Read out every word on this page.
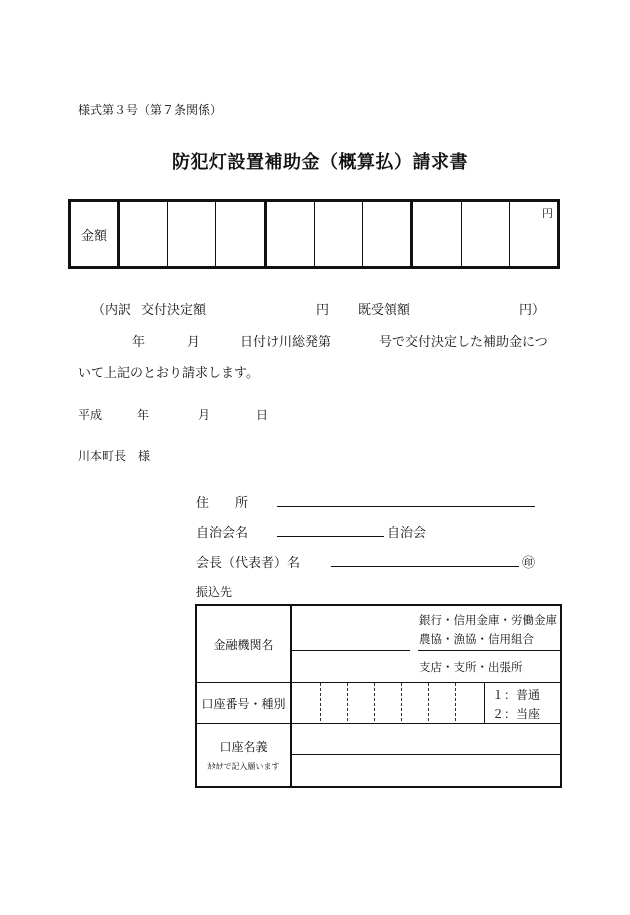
様式第３号（第７条関係）
防犯灯設置補助金（概算払）請求書
金額
円
（内訳 交付決定額	円 既受領額	円）
年	月	日付け川総発第	号で交付決定した補助金につ
いて上記のとおり請求します。
平成	年	月	日
川本町長　様
住　　所
自治会名	自治会
会長（代表者）名	㊞
振込先
金融機関名
銀行・信用金庫・労働金庫
農協・漁協・信用組合
支店・支所・出張所
口座番号・種別
１：普通
２：当座
口座名義
ｶﾀｶﾅで記入願います
